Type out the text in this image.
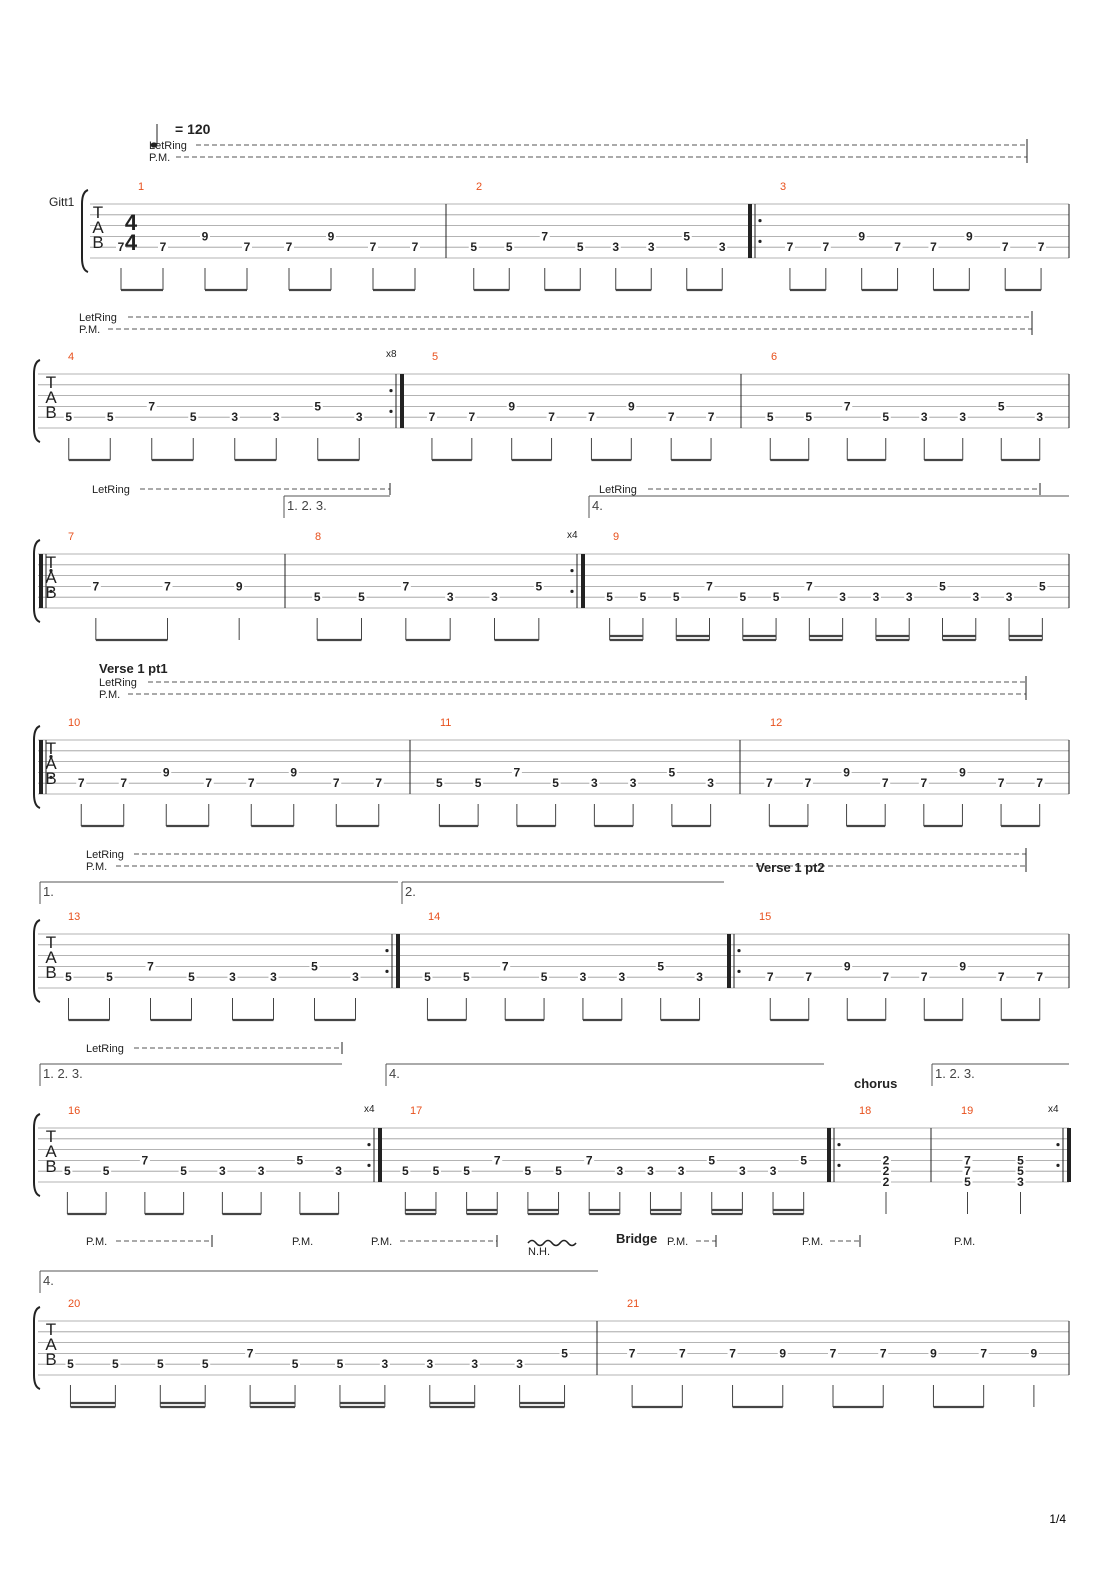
= 120
Gitt1
T
A
B
4
4
LetRing
P.M.
1
7	7
9
7	7
9
7	7
2
5 5
7
5 3 3
5
3
3
7 7
9
7 7
9
7 7
T
A
B
LetRing
P.M.
x8
4
5	5
7
5	3	3
5
3
5
7	7
9
7	7
9
7	7
6
5	5
7
5	3	3
5
3
T
A
B
LetRing	LetRing
1. 2. 3.	4.
x4
7
7	7	9
8
5	5
7
3	3
5
9
5 5 5
7
5 5
7
3 3 3
5
3 3
5
T
A
B
LetRing
P.M.
Verse 1 pt1
10
7	7
9
7	7
9
7	7
11
5	5
7
5	3	3
5
3
12
7	7
9
7	7
9
7	7
T
A
B
LetRing
P.M.
1.	2.
Verse 1 pt2
13
5	5
7
5	3	3
5
3
14
5	5
7
5	3	3
5
3
15
7	7
9
7	7
9
7	7
T
A
B
LetRing
1. 2. 3.	4.	1. 2. 3.
chorus
x4	x4
16
5	5
7
5	3	3
5
3
17
5 5 5
7
5 5
7
3 3 3
5
3 3
5
18
2
2
2
19
7
7
5
5
5
3
T
A
B
P.M.	P.M.	P.M.
N.H.
P.M.	P.M.	P.M.
4.
Bridge
20
5	5	5	5
7
5	5	3	3	3	3
5
21
7	7	7	9	7	7	9	7	9
1/4
